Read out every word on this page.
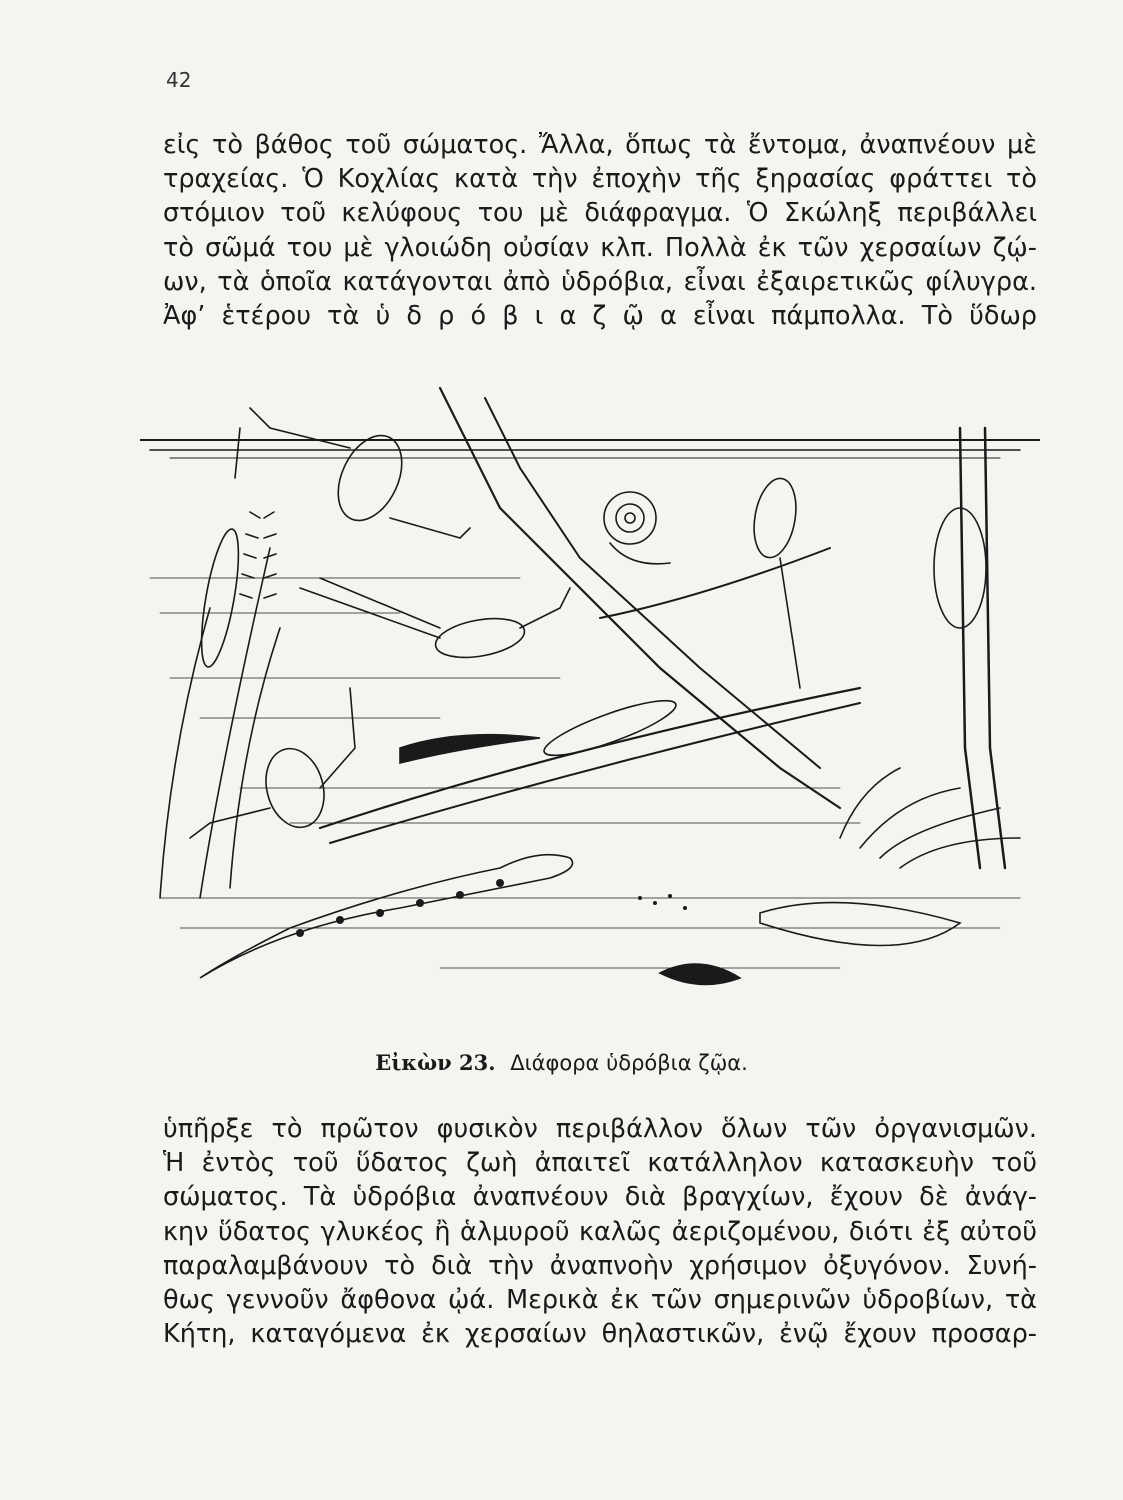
42
εἰς τὸ βάθος τοῦ σώματος. Ἄλλα, ὅπως τὰ ἔντομα, ἀναπνέουν μὲ
τραχείας. Ὁ Κοχλίας κατὰ τὴν ἐποχὴν τῆς ξηρασίας φράττει τὸ
στόμιον τοῦ κελύφους του μὲ διάφραγμα. Ὁ Σκώληξ περιβάλλει
τὸ σῶμά του μὲ γλοιώδη οὐσίαν κλπ. Πολλὰ ἐκ τῶν χερσαίων ζῴ-
ων, τὰ ὁποῖα κατάγονται ἀπὸ ὑδρόβια, εἶναι ἐξαιρετικῶς φίλυγρα.
Ἀφ’ ἑτέρου τὰ ὑ δ ρ ό β ι α ζ ῷ α εἶναι πάμπολλα. Τὸ ὕδωρ
Εἰκὼν 23. Διάφορα ὑδρόβια ζῷα.
ὑπῆρξε τὸ πρῶτον φυσικὸν περιβάλλον ὅλων τῶν ὀργανισμῶν.
Ἡ ἐντὸς τοῦ ὕδατος ζωὴ ἀπαιτεῖ κατάλληλον κατασκευὴν τοῦ
σώματος. Τὰ ὑδρόβια ἀναπνέουν διὰ βραγχίων, ἔχουν δὲ ἀνάγ-
κην ὕδατος γλυκέος ἢ ἁλμυροῦ καλῶς ἀεριζομένου, διότι ἐξ αὐτοῦ
παραλαμβάνουν τὸ διὰ τὴν ἀναπνοὴν χρήσιμον ὀξυγόνον. Συνή-
θως γεννοῦν ἄφθονα ᾠά. Μερικὰ ἐκ τῶν σημερινῶν ὑδροβίων, τὰ
Κήτη, καταγόμενα ἐκ χερσαίων θηλαστικῶν, ἐνῷ ἔχουν προσαρ-
